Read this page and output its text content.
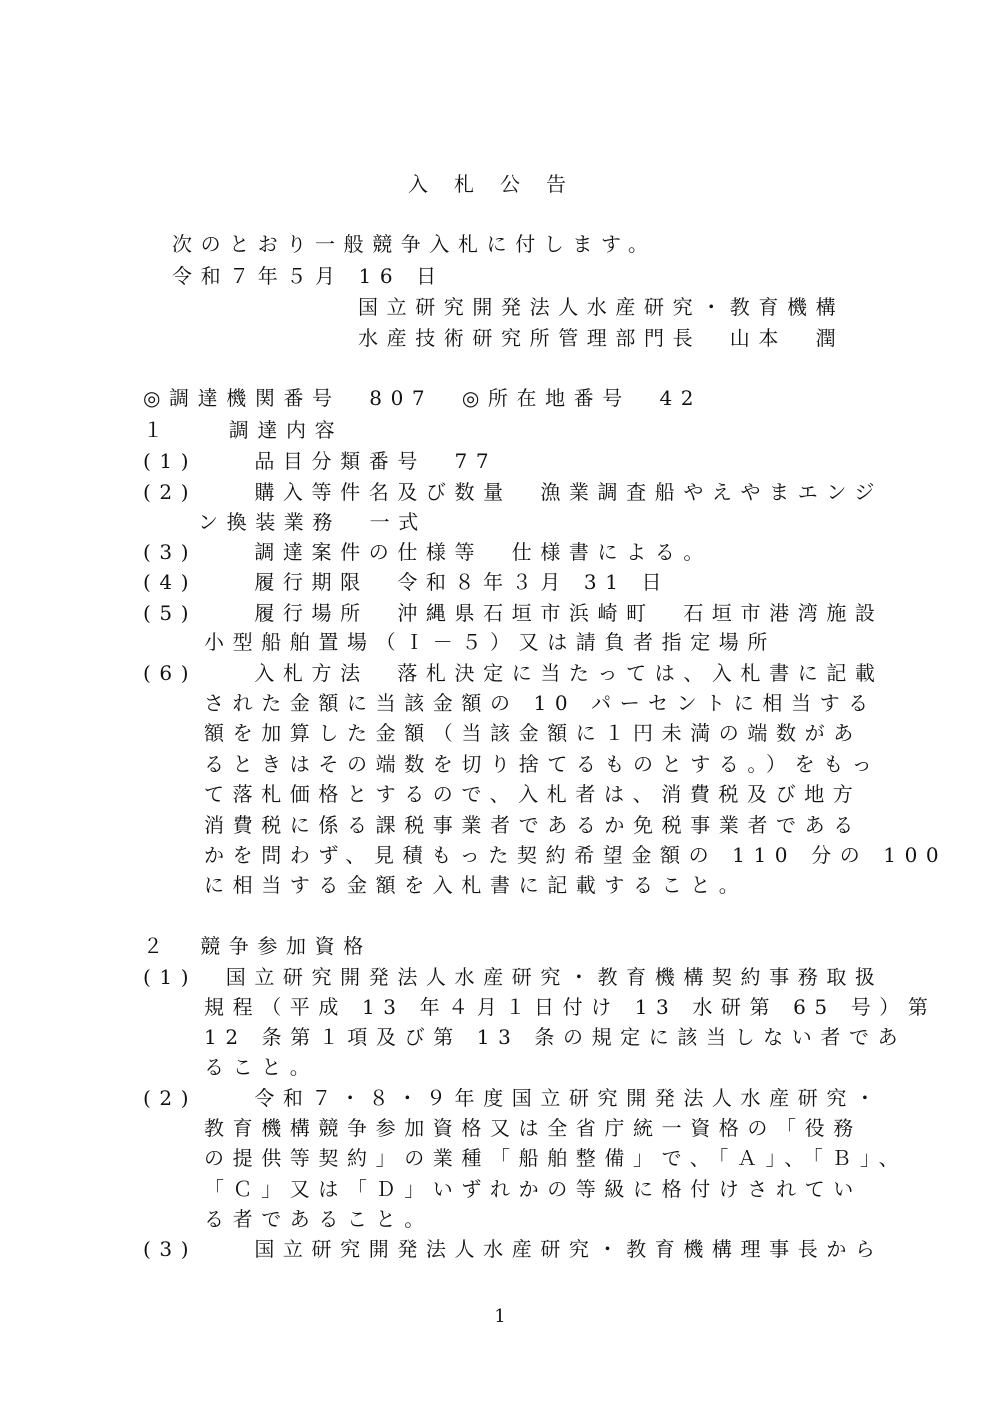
入札公告
次のとおり一般競争入札に付します。
令和７年５月 16 日
国立研究開発法人水産研究・教育機構
水産技術研究所管理部門長　山本　潤
◎調達機関番号　807　◎所在地番号　42
１　　調達内容
(1)　　品目分類番号　77
(2)　　購入等件名及び数量　漁業調査船やえやまエンジ
ン換装業務　一式
(3)　　調達案件の仕様等　仕様書による。
(4)　　履行期限　令和８年３月 31 日
(5)　　履行場所　沖縄県石垣市浜崎町　石垣市港湾施設
小型船舶置場（Ｉ－５）又は請負者指定場所
(6)　　入札方法　落札決定に当たっては、入札書に記載
された金額に当該金額の 10 パーセントに相当する
額を加算した金額（当該金額に１円未満の端数があ
るときはその端数を切り捨てるものとする。）をもっ
て落札価格とするので、入札者は、消費税及び地方
消費税に係る課税事業者であるか免税事業者である
かを問わず、見積もった契約希望金額の 110 分の 100
に相当する金額を入札書に記載すること。
２　競争参加資格
(1)　国立研究開発法人水産研究・教育機構契約事務取扱
規程（平成 13 年４月１日付け 13 水研第 65 号）第
12 条第１項及び第 13 条の規定に該当しない者であ
ること。
(2)　　令和７・８・９年度国立研究開発法人水産研究・
教育機構競争参加資格又は全省庁統一資格の「役務
の提供等契約」の業種「船舶整備」で、「Ａ」、「Ｂ」、
「Ｃ」又は「Ｄ」いずれかの等級に格付けされてい
る者であること。
(3)　　国立研究開発法人水産研究・教育機構理事長から
1
